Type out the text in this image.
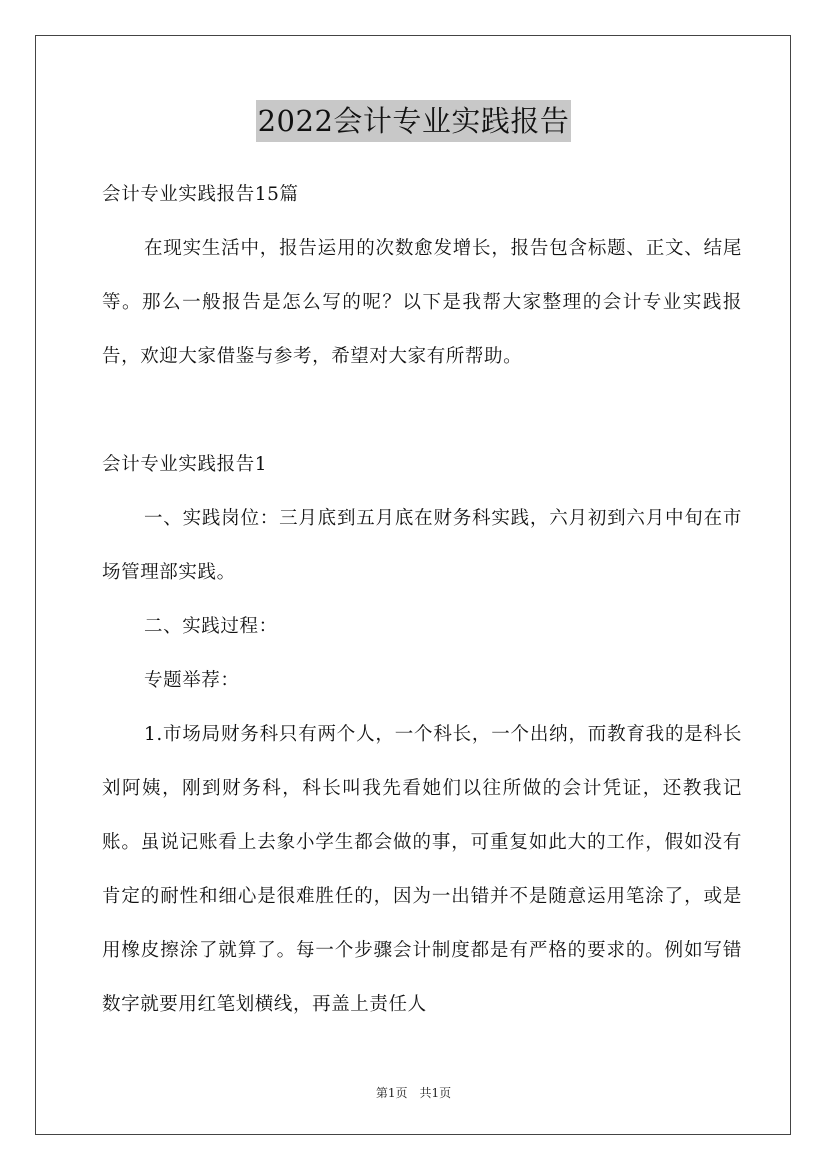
2022会计专业实践报告

会计专业实践报告15篇

在现实生活中，报告运用的次数愈发增长，报告包含标题、正文、结尾等。那么一般报告是怎么写的呢？以下是我帮大家整理的会计专业实践报告，欢迎大家借鉴与参考，希望对大家有所帮助。

会计专业实践报告1

一、实践岗位：三月底到五月底在财务科实践，六月初到六月中旬在市场管理部实践。

二、实践过程：

专题举荐：

1.市场局财务科只有两个人，一个科长，一个出纳，而教育我的是科长刘阿姨，刚到财务科，科长叫我先看她们以往所做的会计凭证，还教我记账。虽说记账看上去象小学生都会做的事，可重复如此大的工作，假如没有肯定的耐性和细心是很难胜任的，因为一出错并不是随意运用笔涂了，或是用橡皮擦涂了就算了。每一个步骤会计制度都是有严格的要求的。例如写错数字就要用红笔划横线，再盖上责任人

第1页　共1页
